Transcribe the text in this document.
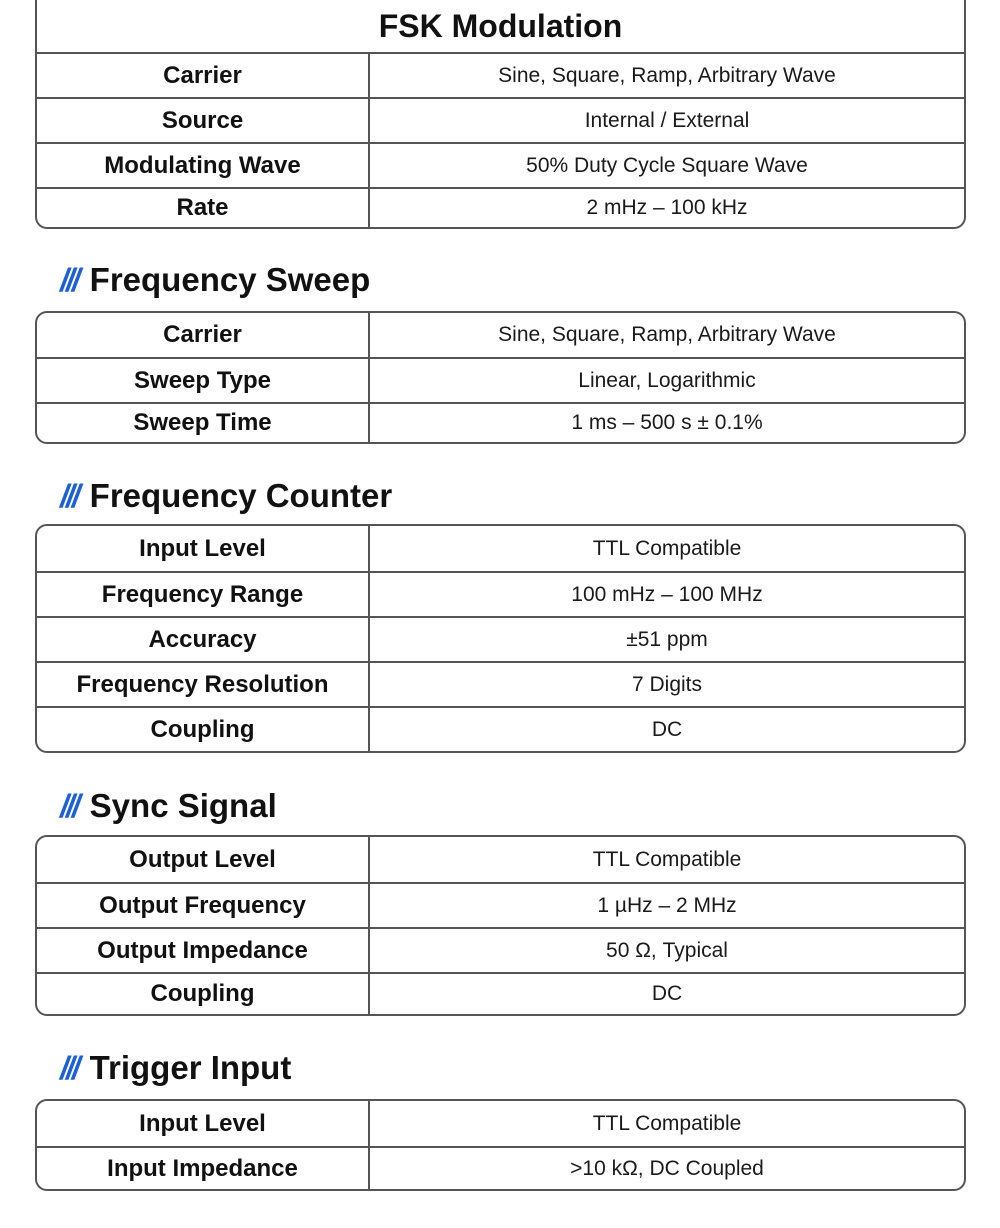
FSK Modulation
Carrier	Sine, Square, Ramp, Arbitrary Wave
Source	Internal / External
Modulating Wave	50% Duty Cycle Square Wave
Rate	2 mHz – 100 kHz
/// Frequency Sweep
Carrier	Sine, Square, Ramp, Arbitrary Wave
Sweep Type	Linear, Logarithmic
Sweep Time	1 ms – 500 s ± 0.1%
/// Frequency Counter
Input Level	TTL Compatible
Frequency Range	100 mHz – 100 MHz
Accuracy	±51 ppm
Frequency Resolution	7 Digits
Coupling	DC
/// Sync Signal
Output Level	TTL Compatible
Output Frequency	1 µHz – 2 MHz
Output Impedance	50 Ω, Typical
Coupling	DC
/// Trigger Input
Input Level	TTL Compatible
Input Impedance	>10 kΩ, DC Coupled
